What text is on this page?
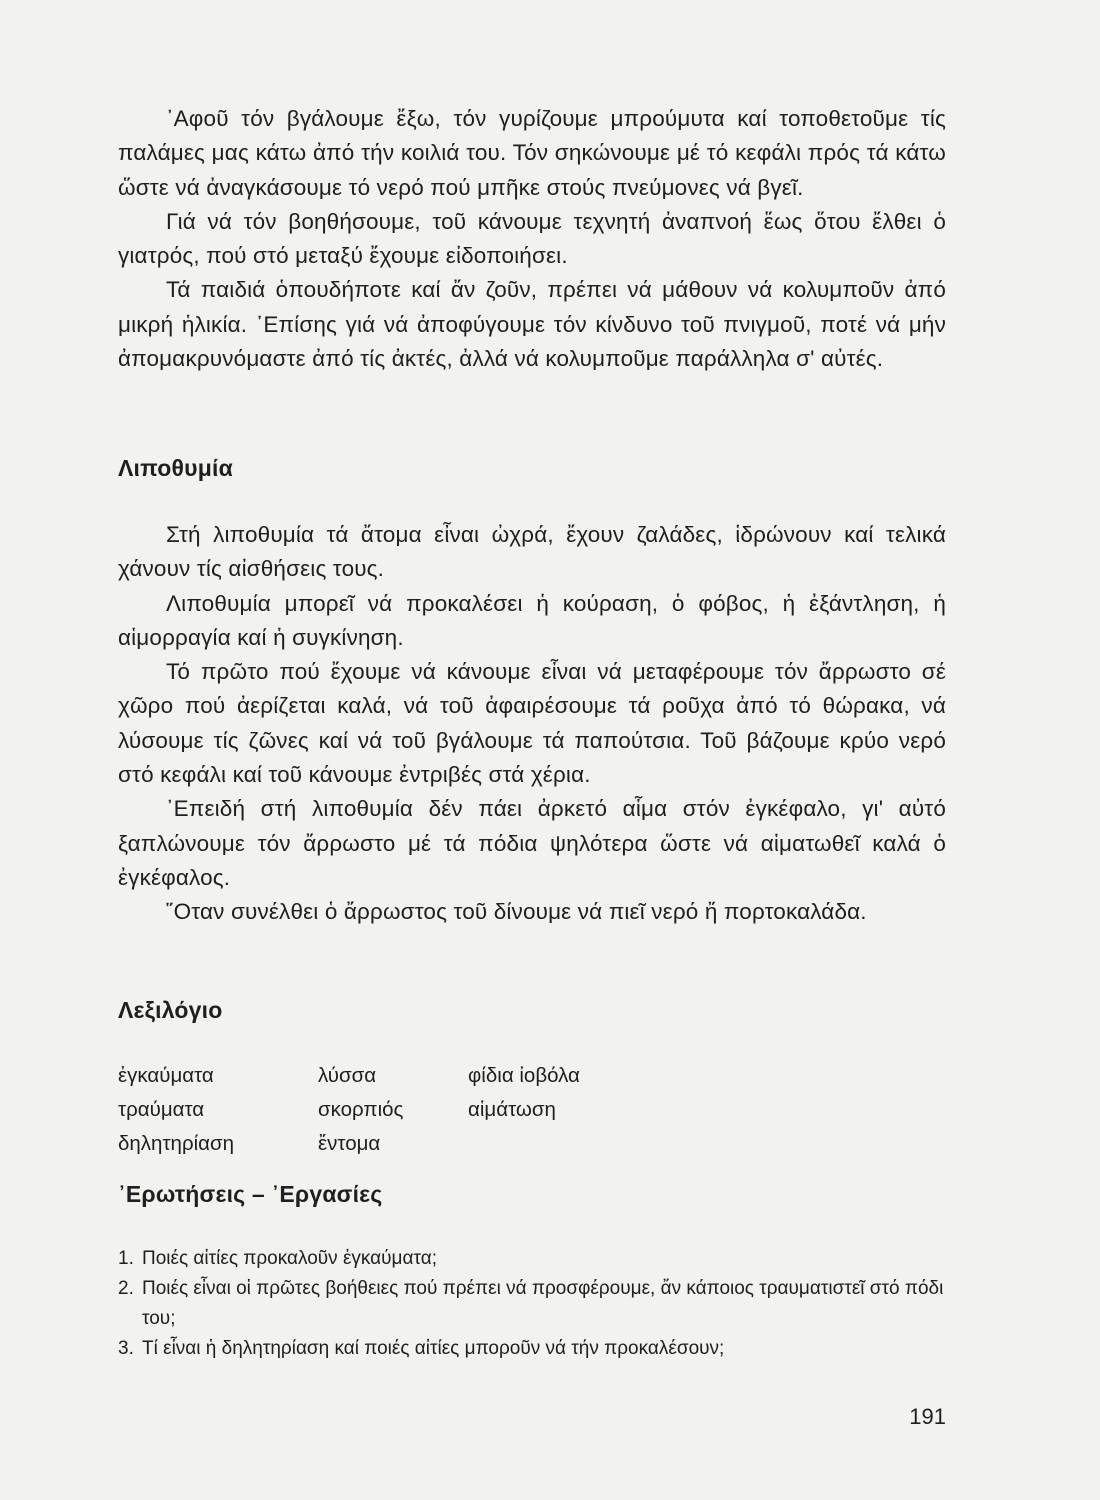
᾿Αφοῦ τόν βγάλουμε ἔξω, τόν γυρίζουμε μπρούμυτα καί τοποθετοῦμε τίς παλάμες μας κάτω ἀπό τήν κοιλιά του. Τόν σηκώνουμε μέ τό κεφάλι πρός τά κάτω ὥστε νά ἀναγκάσουμε τό νερό πού μπῆκε στούς πνεύμονες νά βγεῖ.

Γιά νά τόν βοηθήσουμε, τοῦ κάνουμε τεχνητή ἀναπνοή ἕως ὅτου ἔλθει ὁ γιατρός, πού στό μεταξύ ἔχουμε εἰδοποιήσει.

Τά παιδιά ὁπουδήποτε καί ἄν ζοῦν, πρέπει νά μάθουν νά κολυμποῦν ἀπό μικρή ἡλικία. ᾿Επίσης γιά νά ἀποφύγουμε τόν κίνδυνο τοῦ πνιγμοῦ, ποτέ νά μήν ἀπομακρυνόμαστε ἀπό τίς ἀκτές, ἀλλά νά κολυμποῦμε παράλληλα σ' αὐτές.

Λιποθυμία

Στή λιποθυμία τά ἄτομα εἶναι ὠχρά, ἔχουν ζαλάδες, ἱδρώνουν καί τελικά χάνουν τίς αἰσθήσεις τους.

Λιποθυμία μπορεῖ νά προκαλέσει ἡ κούραση, ὁ φόβος, ἡ ἐξάντληση, ἡ αἱμορραγία καί ἡ συγκίνηση.

Τό πρῶτο πού ἔχουμε νά κάνουμε εἶναι νά μεταφέρουμε τόν ἄρρωστο σέ χῶρο πού ἀερίζεται καλά, νά τοῦ ἀφαιρέσουμε τά ροῦχα ἀπό τό θώρακα, νά λύσουμε τίς ζῶνες καί νά τοῦ βγάλουμε τά παπούτσια. Τοῦ βάζουμε κρύο νερό στό κεφάλι καί τοῦ κάνουμε ἐντριβές στά χέρια.

᾿Επειδή στή λιποθυμία δέν πάει ἀρκετό αἷμα στόν ἐγκέφαλο, γι' αὐτό ξαπλώνουμε τόν ἄρρωστο μέ τά πόδια ψηλότερα ὥστε νά αἱματωθεῖ καλά ὁ ἐγκέφαλος.

῞Οταν συνέλθει ὁ ἄρρωστος τοῦ δίνουμε νά πιεῖ νερό ἤ πορτοκαλάδα.

Λεξιλόγιο
ἐγκαύματα
τραύματα
δηλητηρίαση
λύσσα
σκορπιός
ἔντομα
φίδια ἰοβόλα
αἱμάτωση
᾿Ερωτήσεις – ᾿Εργασίες
1. Ποιές αἰτίες προκαλοῦν ἐγκαύματα;
2. Ποιές εἶναι οἱ πρῶτες βοήθειες πού πρέπει νά προσφέρουμε, ἄν κάποιος τραυματιστεῖ στό πόδι του;
3. Τί εἶναι ἡ δηλητηρίαση καί ποιές αἰτίες μποροῦν νά τήν προκαλέσουν;
191
